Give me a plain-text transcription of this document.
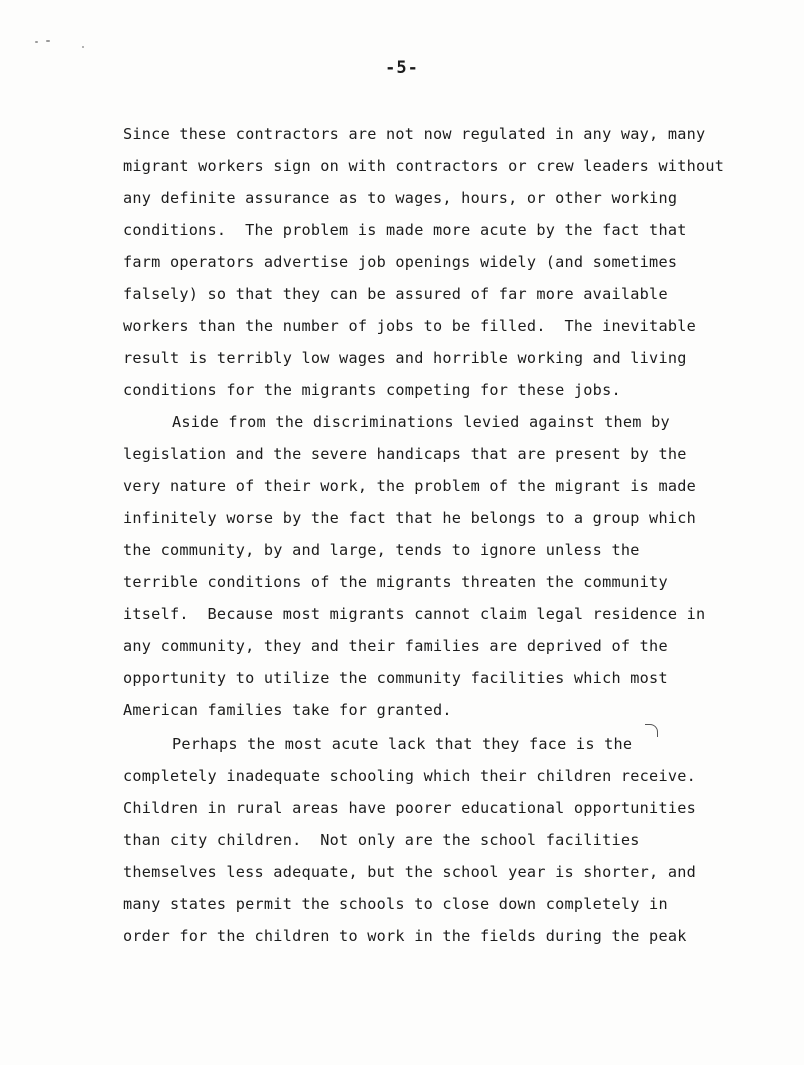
-5-
Since these contractors are not now regulated in any way, many
migrant workers sign on with contractors or crew leaders without
any definite assurance as to wages, hours, or other working
conditions.  The problem is made more acute by the fact that
farm operators advertise job openings widely (and sometimes
falsely) so that they can be assured of far more available
workers than the number of jobs to be filled.  The inevitable
result is terribly low wages and horrible working and living
conditions for the migrants competing for these jobs.
Aside from the discriminations levied against them by
legislation and the severe handicaps that are present by the
very nature of their work, the problem of the migrant is made
infinitely worse by the fact that he belongs to a group which
the community, by and large, tends to ignore unless the
terrible conditions of the migrants threaten the community
itself.  Because most migrants cannot claim legal residence in
any community, they and their families are deprived of the
opportunity to utilize the community facilities which most
American families take for granted.
Perhaps the most acute lack that they face is the
completely inadequate schooling which their children receive.
Children in rural areas have poorer educational opportunities
than city children.  Not only are the school facilities
themselves less adequate, but the school year is shorter, and
many states permit the schools to close down completely in
order for the children to work in the fields during the peak
